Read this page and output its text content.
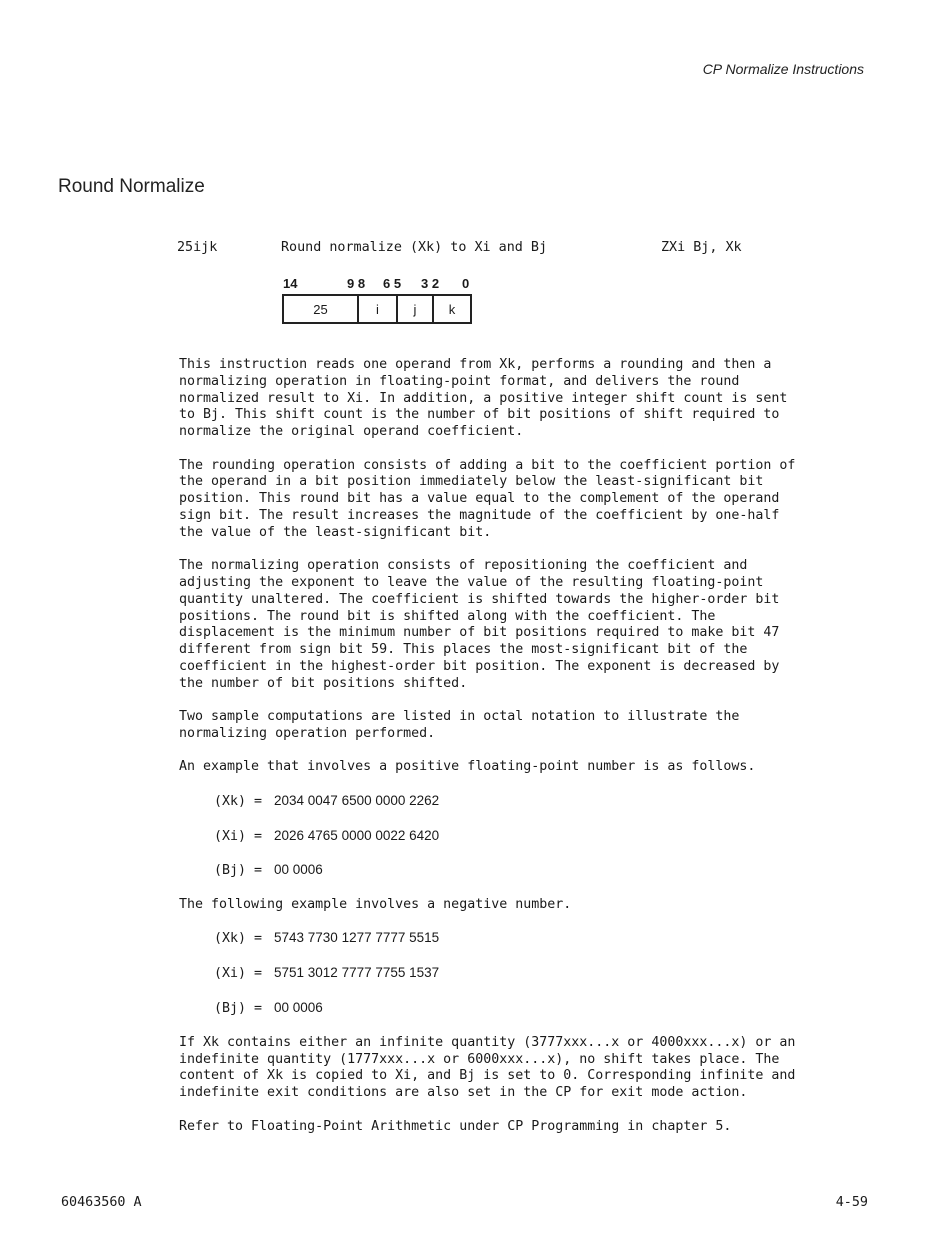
CP Normalize Instructions
Round Normalize
25ijk	Round normalize (Xk) to Xi and Bj	ZXi Bj, Xk
14	9 8 6 5 3 2 0
25	i	j	k

This instruction reads one operand from Xk, performs a rounding and then a
normalizing operation in floating-point format, and delivers the round
normalized result to Xi. In addition, a positive integer shift count is sent
to Bj. This shift count is the number of bit positions of shift required to
normalize the original operand coefficient.

The rounding operation consists of adding a bit to the coefficient portion of
the operand in a bit position immediately below the least-significant bit
position. This round bit has a value equal to the complement of the operand
sign bit. The result increases the magnitude of the coefficient by one-half
the value of the least-significant bit.

The normalizing operation consists of repositioning the coefficient and
adjusting the exponent to leave the value of the resulting floating-point
quantity unaltered. The coefficient is shifted towards the higher-order bit
positions. The round bit is shifted along with the coefficient. The
displacement is the minimum number of bit positions required to make bit 47
different from sign bit 59. This places the most-significant bit of the
coefficient in the highest-order bit position. The exponent is decreased by
the number of bit positions shifted.

Two sample computations are listed in octal notation to illustrate the
normalizing operation performed.

An example that involves a positive floating-point number is as follows.

(Xk) = 2034 0047 6500 0000 2262
(Xi) = 2026 4765 0000 0022 6420
(Bj) = 00 0006

The following example involves a negative number.

(Xk) = 5743 7730 1277 7777 5515
(Xi) = 5751 3012 7777 7755 1537
(Bj) = 00 0006

If Xk contains either an infinite quantity (3777xxx...x or 4000xxx...x) or an
indefinite quantity (1777xxx...x or 6000xxx...x), no shift takes place. The
content of Xk is copied to Xi, and Bj is set to 0. Corresponding infinite and
indefinite exit conditions are also set in the CP for exit mode action.

Refer to Floating-Point Arithmetic under CP Programming in chapter 5.

60463560 A	4-59
